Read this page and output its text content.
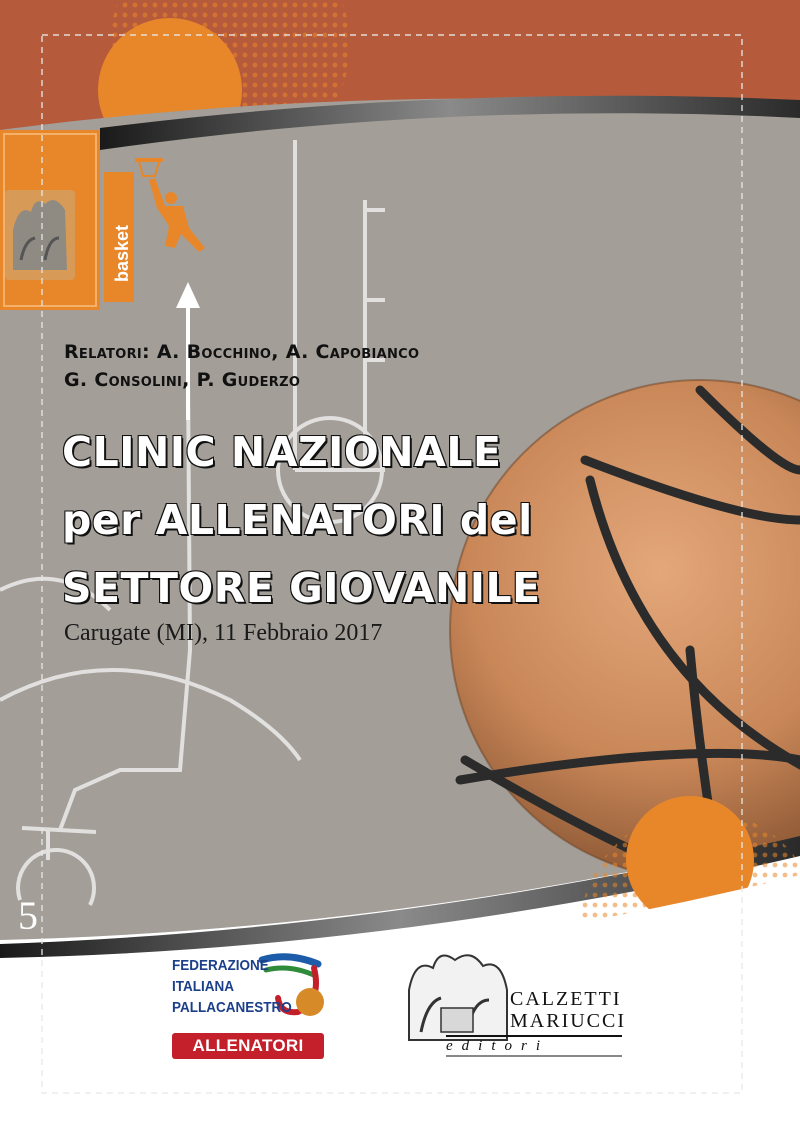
basket
Relatori: A. Bocchino, A. Capobianco
G. Consolini, P. Guderzo
CLINIC NAZIONALE
per ALLENATORI del
SETTORE GIOVANILE
Carugate (MI), 11 Febbraio 2017
5
FEDERAZIONE
ITALIANA
PALLACANESTRO
ALLENATORI
CALZETTI
MARIUCCI
editori
